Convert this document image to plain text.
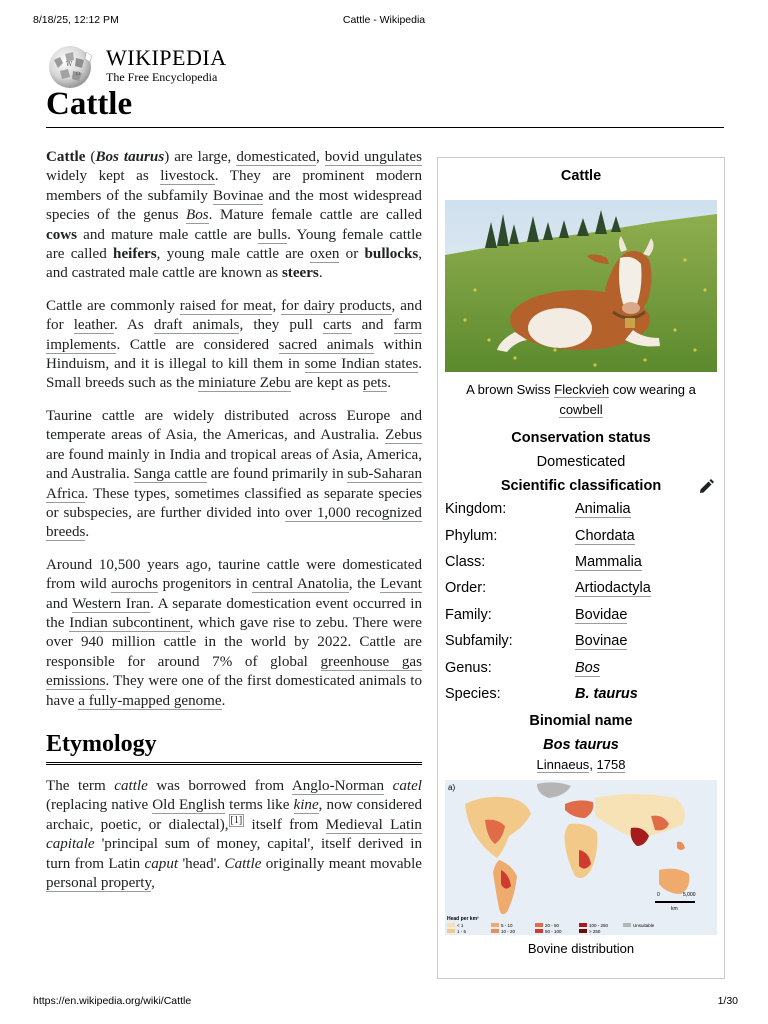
8/18/25, 12:12 PM	Cattle - Wikipedia
W
Ω
WIKIPEDIA
The Free Encyclopedia
Cattle

Cattle (Bos taurus) are large, domesticated, bovid ungulates widely kept as livestock. They are prominent modern members of the subfamily Bovinae and the most widespread species of the genus Bos. Mature female cattle are called cows and mature male cattle are bulls. Young female cattle are called heifers, young male cattle are oxen or bullocks, and castrated male cattle are known as steers.

Cattle are commonly raised for meat, for dairy products, and for leather. As draft animals, they pull carts and farm implements. Cattle are considered sacred animals within Hinduism, and it is illegal to kill them in some Indian states. Small breeds such as the miniature Zebu are kept as pets.

Taurine cattle are widely distributed across Europe and temperate areas of Asia, the Americas, and Australia. Zebus are found mainly in India and tropical areas of Asia, America, and Australia. Sanga cattle are found primarily in sub-Saharan Africa. These types, sometimes classified as separate species or subspecies, are further divided into over 1,000 recognized breeds.

Around 10,500 years ago, taurine cattle were domesticated from wild aurochs progenitors in central Anatolia, the Levant and Western Iran. A separate domestication event occurred in the Indian subcontinent, which gave rise to zebu. There were over 940 million cattle in the world by 2022. Cattle are responsible for around 7% of global greenhouse gas emissions. They were one of the first domesticated animals to have a fully-mapped genome.

Etymology

The term cattle was borrowed from Anglo-Norman catel (replacing native Old English terms like kine, now considered archaic, poetic, or dialectal), [1] itself from Medieval Latin capitale 'principal sum of money, capital', itself derived in turn from Latin caput 'head'. Cattle originally meant movable personal property,

Cattle
A brown Swiss Fleckvieh cow wearing a cowbell
Conservation status
Domesticated
Scientific classification
Kingdom:	Animalia
Phylum:	Chordata
Class:	Mammalia
Order:	Artiodactyla
Family:	Bovidae
Subfamily:	Bovinae
Genus:	Bos
Species:	B. taurus
Binomial name
Bos taurus
Linnaeus, 1758
a)
0	5,000
km
Head per km²
< 1
1 - 5
5 - 10
10 - 20
20 - 50
50 - 100
100 - 250
> 250
Unsuitable
Bovine distribution
https://en.wikipedia.org/wiki/Cattle	1/30
